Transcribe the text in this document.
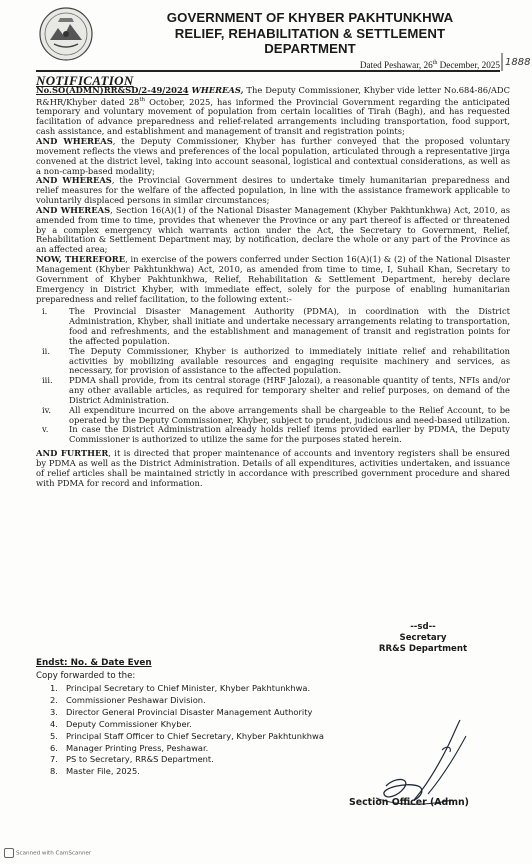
GOVERNMENT OF KHYBER PAKHTUNKHWA
RELIEF, REHABILITATION & SETTLEMENT
DEPARTMENT
Dated Peshawar, 26th December, 2025 1888
NOTIFICATION

No.SO(ADMN)RR&SD/2-49/2024 WHEREAS, The Deputy Commissioner, Khyber vide letter No.684-86/ADC R&HR/Khyber dated 28th October, 2025, has informed the Provincial Government regarding the anticipated temporary and voluntary movement of population from certain localities of Tirah (Bagh), and has requested facilitation of advance preparedness and relief-related arrangements including transportation, food support, cash assistance, and establishment and management of transit and registration points;

AND WHEREAS, the Deputy Commissioner, Khyber has further conveyed that the proposed voluntary movement reflects the views and preferences of the local population, articulated through a representative jirga convened at the district level, taking into account seasonal, logistical and contextual considerations, as well as a non-camp-based modality;

AND WHEREAS, the Provincial Government desires to undertake timely humanitarian preparedness and relief measures for the welfare of the affected population, in line with the assistance framework applicable to voluntarily displaced persons in similar circumstances;

AND WHEREAS, Section 16(A)(1) of the National Disaster Management (Khyber Pakhtunkhwa) Act, 2010, as amended from time to time, provides that whenever the Province or any part thereof is affected or threatened by a complex emergency which warrants action under the Act, the Secretary to Government, Relief, Rehabilitation & Settlement Department may, by notification, declare the whole or any part of the Province as an affected area;

NOW, THEREFORE, in exercise of the powers conferred under Section 16(A)(1) & (2) of the National Disaster Management (Khyber Pakhtunkhwa) Act, 2010, as amended from time to time, I, Suhail Khan, Secretary to Government of Khyber Pakhtunkhwa, Relief, Rehabilitation & Settlement Department, hereby declare Emergency in District Khyber, with immediate effect, solely for the purpose of enabling humanitarian preparedness and relief facilitation, to the following extent:-

i.	The Provincial Disaster Management Authority (PDMA), in coordination with the District Administration, Khyber, shall initiate and undertake necessary arrangements relating to transportation, food and refreshments, and the establishment and management of transit and registration points for the affected population.
ii. The Deputy Commissioner, Khyber is authorized to immediately initiate relief and rehabilitation activities by mobilizing available resources and engaging requisite machinery and services, as necessary, for provision of assistance to the affected population.
iii. PDMA shall provide, from its central storage (HRF Jalozai), a reasonable quantity of tents, NFIs and/or any other available articles, as required for temporary shelter and relief purposes, on demand of the District Administration.
iv. All expenditure incurred on the above arrangements shall be chargeable to the Relief Account, to be operated by the Deputy Commissioner, Khyber, subject to prudent, judicious and need-based utilization.
v. In case the District Administration already holds relief items provided earlier by PDMA, the Deputy Commissioner is authorized to utilize the same for the purposes stated herein.

AND FURTHER, it is directed that proper maintenance of accounts and inventory registers shall be ensured by PDMA as well as the District Administration. Details of all expenditures, activities undertaken, and issuance of relief articles shall be maintained strictly in accordance with prescribed government procedure and shared with PDMA for record and information.

--sd--
Secretary
RR&S Department
Endst: No. & Date Even
Copy forwarded to the:
1. Principal Secretary to Chief Minister, Khyber Pakhtunkhwa.
2. Commissioner Peshawar Division.
3. Director General Provincial Disaster Management Authority
4. Deputy Commissioner Khyber.
5. Principal Staff Officer to Chief Secretary, Khyber Pakhtunkhwa
6. Manager Printing Press, Peshawar.
7. PS to Secretary, RR&S Department.
8. Master File, 2025.
Section Officer (Admn)
Scanned with CamScanner
